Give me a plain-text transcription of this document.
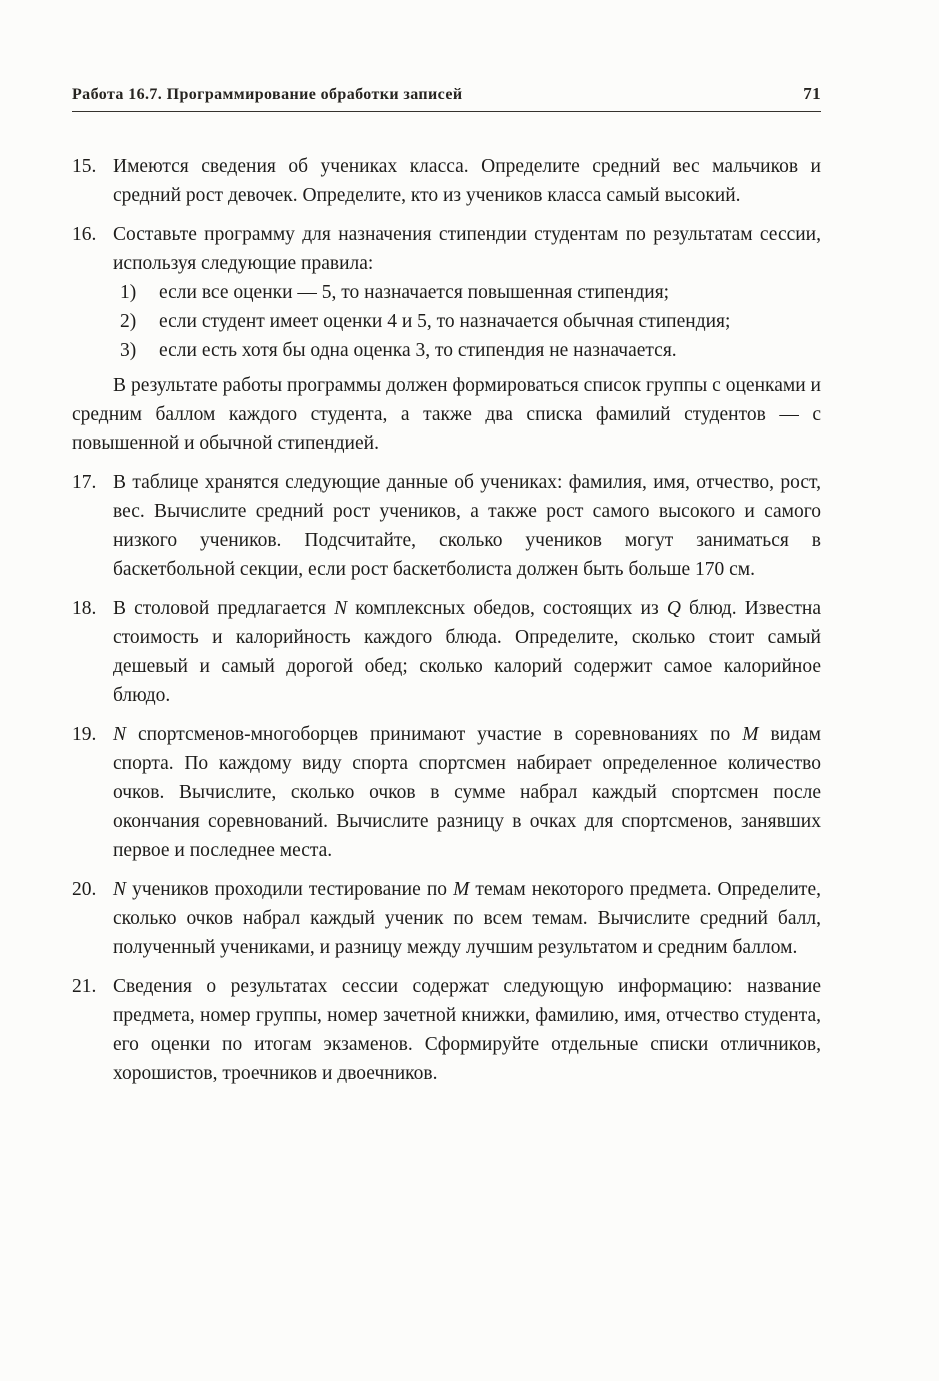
Работа 16.7. Программирование обработки записей	71
15. Имеются сведения об учениках класса. Определите средний вес мальчиков и средний рост девочек. Определите, кто из учеников класса самый высокий.

16. Составьте программу для назначения стипендии студентам по результатам сессии, используя следующие правила:

1) если все оценки — 5, то назначается повышенная стипендия;

2) если студент имеет оценки 4 и 5, то назначается обычная стипендия;

3) если есть хотя бы одна оценка 3, то стипендия не назначается.

В результате работы программы должен формироваться список группы с оценками и средним баллом каждого студента, а также два списка фамилий студентов — с повышенной и обычной стипендией.

17. В таблице хранятся следующие данные об учениках: фамилия, имя, отчество, рост, вес. Вычислите средний рост учеников, а также рост самого высокого и самого низкого учеников. Подсчитайте, сколько учеников могут заниматься в баскетбольной секции, если рост баскетболиста должен быть больше 170 см.

18. В столовой предлагается N комплексных обедов, состоящих из Q блюд. Известна стоимость и калорийность каждого блюда. Определите, сколько стоит самый дешевый и самый дорогой обед; сколько калорий содержит самое калорийное блюдо.

19. N спортсменов-многоборцев принимают участие в соревнованиях по M видам спорта. По каждому виду спорта спортсмен набирает определенное количество очков. Вычислите, сколько очков в сумме набрал каждый спортсмен после окончания соревнований. Вычислите разницу в очках для спортсменов, занявших первое и последнее места.

20. N учеников проходили тестирование по M темам некоторого предмета. Определите, сколько очков набрал каждый ученик по всем темам. Вычислите средний балл, полученный учениками, и разницу между лучшим результатом и средним баллом.

21. Сведения о результатах сессии содержат следующую информацию: название предмета, номер группы, номер зачетной книжки, фамилию, имя, отчество студента, его оценки по итогам экзаменов. Сформируйте отдельные списки отличников, хорошистов, троечников и двоечников.
